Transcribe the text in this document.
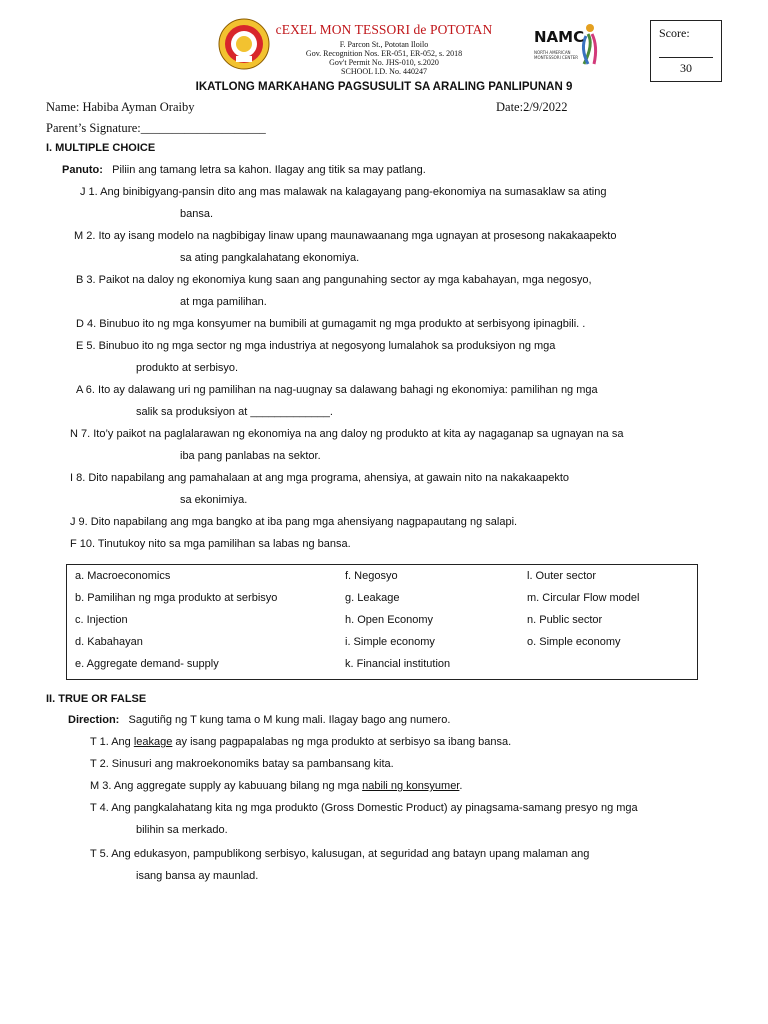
cEXEL MON TESSORI de POTOTAN
F. Parcon St., Pototan Iloilo
Gov. Recognition Nos. ER-051, ER-052, s. 2018
Gov't Permit No. JHS-010, s.2020
SCHOOL I.D. No. 440247
NAMC
NORTH AMERICAN MONTESSORI CENTER
Score:
30
IKATLONG MARKAHANG PAGSUSULIT SA ARALING PANLIPUNAN 9
Name: Habiba Ayman Oraiby	Date:2/9/2022
Parent’s Signature:____________________
I. MULTIPLE CHOICE
Panuto: Piliin ang tamang letra sa kahon. Ilagay ang titik sa may patlang.
J 1. Ang binibigyang-pansin dito ang mas malawak na kalagayang pang-ekonomiya na sumasaklaw sa ating
bansa.
M 2. Ito ay isang modelo na nagbibigay linaw upang maunawaanang mga ugnayan at prosesong nakakaapekto
sa ating pangkalahatang ekonomiya.
B 3. Paikot na daloy ng ekonomiya kung saan ang pangunahing sector ay mga kabahayan, mga negosyo,
at mga pamilihan.
D 4. Binubuo ito ng mga konsyumer na bumibili at gumagamit ng mga produkto at serbisyong ipinagbili. .
E 5. Binubuo ito ng mga sector ng mga industriya at negosyong lumalahok sa produksiyon ng mga
produkto at serbisyo.
A 6. Ito ay dalawang uri ng pamilihan na nag-uugnay sa dalawang bahagi ng ekonomiya: pamilihan ng mga
salik sa produksiyon at _____________.
N 7. Ito’y paikot na paglalarawan ng ekonomiya na ang daloy ng produkto at kita ay nagaganap sa ugnayan na sa
iba pang panlabas na sektor.
I 8. Dito napabilang ang pamahalaan at ang mga programa, ahensiya, at gawain nito na nakakaapekto
sa ekonimiya.
J 9. Dito napabilang ang mga bangko at iba pang mga ahensiyang nagpapautang ng salapi.
F 10. Tinutukoy nito sa mga pamilihan sa labas ng bansa.
a. Macroeconomics
b. Pamilihan ng mga produkto at serbisyo
c. Injection
d. Kabahayan
e. Aggregate demand- supply
f. Negosyo
g. Leakage
h. Open Economy
i. Simple economy
k. Financial institution
l. Outer sector
m. Circular Flow model
n. Public sector
o. Simple economy
II. TRUE OR FALSE
Direction: Sagutiñg ng T kung tama o M kung mali. Ilagay bago ang numero.
T 1. Ang leakage ay isang pagpapalabas ng mga produkto at serbisyo sa ibang bansa.
T 2. Sinusuri ang makroekonomiks batay sa pambansang kita.
M 3. Ang aggregate supply ay kabuuang bilang ng mga nabili ng konsyumer.
T 4. Ang pangkalahatang kita ng mga produkto (Gross Domestic Product) ay pinagsama-samang presyo ng mga
bilihin sa merkado.
T 5. Ang edukasyon, pampublikong serbisyo, kalusugan, at seguridad ang batayn upang malaman ang
isang bansa ay maunlad.
